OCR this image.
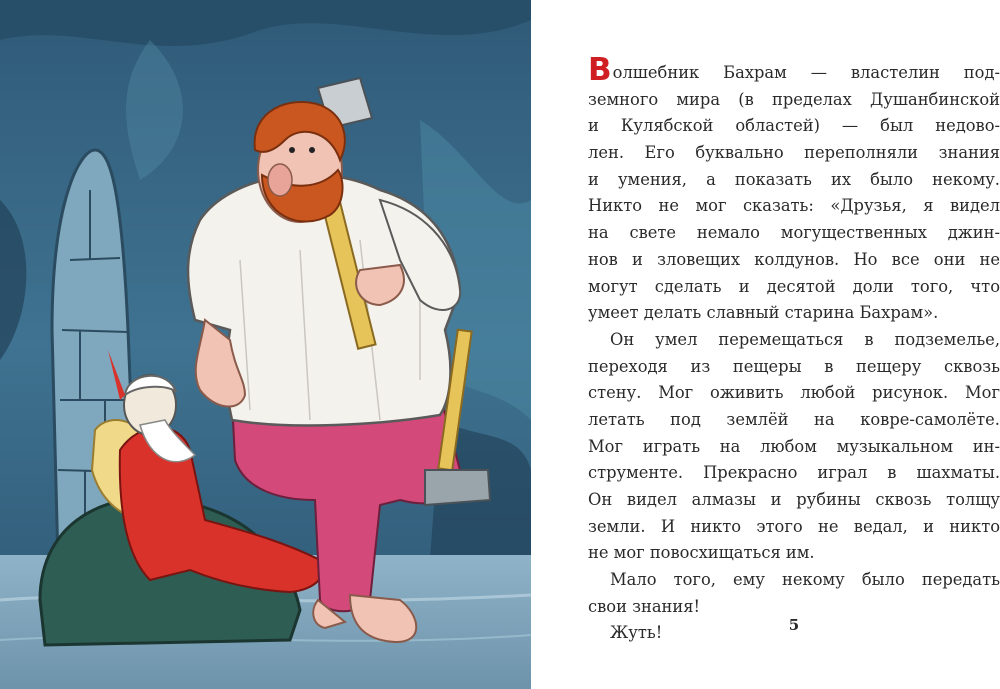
Волшебник Бахрам — властелин под-
земного мира (в пределах Душанбинской
и Кулябской областей) — был недово-
лен. Его буквально переполняли знания
и умения, а показать их было некому.
Никто не мог сказать: «Друзья, я видел
на свете немало могущественных джин-
нов и зловещих колдунов. Но все они не
могут сделать и десятой доли того, что
умеет делать славный старина Бахрам».
Он умел перемещаться в подземелье,
переходя из пещеры в пещеру сквозь
стену. Мог оживить любой рисунок. Мог
летать под землёй на ковре-самолёте.
Мог играть на любом музыкальном ин-
струменте. Прекрасно играл в шахматы.
Он видел алмазы и рубины сквозь толщу
земли. И никто этого не ведал, и никто
не мог повосхищаться им.
Мало того, ему некому было передать
свои знания!
Жуть!	5
